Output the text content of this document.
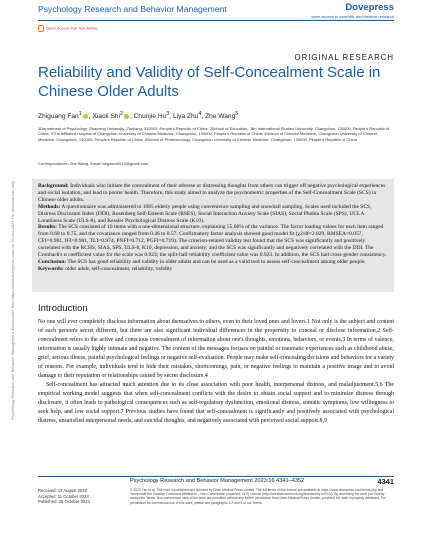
Psychology Research and Behavior Management	Dovepress
open access to scientific and medical research
Open Access Full Text Article
ORIGINAL RESEARCH
Reliability and Validity of Self-Concealment Scale in Chinese Older Adults
Zhiguang Fan$^1$ , Xiaoli Shi$^2$ , Chunjie Hu$^3$, Liya Zhu$^4$, Zhe Wang$^5$
1Department of Psychology, Shaoxing University, Zhejiang, 312000, People's Republic of China; 2School of Education, Jilin International Studies University, Changchun, 130000, People's Republic of China; 3The Affiliated Hospital of Changchun University of Chinese Medicine, Changchun, 130000, People's Republic of China; 4School of Chinese Medicine, Changchun University of Chinese Medicine, Changchun, 130000, People's Republic of China; 5School of Pharmacology, Changchun University of Chinese Medicine, Changchun, 130000, People's Republic of China
Correspondence: Zhe Wang, Email megaton0514@gmail.com

Background: Individuals who initiate the concealment of their adverse or distressing thoughts from others can trigger off negative psychological experiences and social isolation, and lead to poorer health. Therefore, this study aimed to analyze the psychometric properties of the Self-Concealment Scale (SCS) in Chinese older adults.

Methods: A questionnaire was administered to 1085 elderly people using convenience sampling and snowball sampling. Scales used included the SCS, Distress Disclosure Index (DDI), Rosenberg Self-Esteem Scale (RSES), Social Interaction Anxiety Scale (SIAS), Social Phobia Scale (SPS), UCLA Loneliness Scale (ULS-8), and Kessler Psychological Distress Scale (K10).

Results: The SCS consisted of 10 items with a one-dimensional structure, explaining 55.66% of the variance. The factor loading values for each item ranged from 0.68 to 0.75, and the covariance ranged from 0.46 to 0.57. Confirmatory factor analysis showed good model fit (χ2/df=2.829, RMSEA=0.057, CFI=0.981, IFI=0.981, TLI=0.974, PNFI=0.712, PGFI=0.719). The criterion-related validity test found that the SCS was significantly and positively correlated with the RCHS, SIAS, SPS, ULS-8, K10, depression, and anxiety; and the SCS was significantly and negatively correlated with the DDI. The Cronbach's α coefficient value for the scale was 0.923; the split-half reliability coefficient value was 0.923. In addition, the SCS had cross-gender consistency.

Conclusion: The SCS has good reliability and validity in older adults and can be used as a valid tool to assess self-concealment among older people.

Keywords: older adult, self-concealment, reliability, validity

Psychology Research and Behavior Management downloaded from https://www.dovepress.com/ on 26-Oct-2023 For personal use only. Introduction

No one will ever completely disclose information about themselves to others, even to their loved ones and lovers.1 Not only is the subject and content of each person's secret different, but there are also significant individual differences in the propensity to conceal or disclose information.2 Self-concealment refers to the active and conscious concealment of information about one's thoughts, emotions, behaviors, or events.3 In terms of valence, information is usually highly intimate and negative. The content of the messages focuses on painful or traumatic experiences such as childhood abuse, grief, serious illness, painful psychological feelings or negative self-evaluation. People may make self-concealing decisions and behaviors for a variety of reasons. For example, individuals tend to hide their mistakes, shortcomings, pain, or negative feelings to maintain a positive image and to avoid damage to their reputation or relationships caused by secret disclosure.4

Self-concealment has attracted much attention due to its close association with poor health, interpersonal distress, and maladjustment.5,6 The empirical working model suggests that when self-concealment conflicts with the desire to obtain social support and to minimize distress through disclosure, it often leads to pathological consequences such as self-regulatory dysfunction, emotional distress, somatic symptoms, low willingness to seek help, and low social support.7 Previous studies have found that self-concealment is significantly and positively associated with psychological distress, unsatisfied interpersonal needs, and suicidal thoughts, and negatively associated with perceived social support.8,9

Psychology Research and Behavior Management 2023:16 4341–4352	4341
Received: 13 August 2023
Accepted: 11 October 2023
Published: 25 October 2023
© 2023 Fan et al. This work is published and licensed by Dove Medical Press Limited. The full terms of this license are available at https://www.dovepress.com/terms.php and incorporate the Creative Commons Attribution – Non Commercial (unported, v3.0) License (http://creativecommons.org/licenses/by-nc/3.0/). By accessing the work you hereby accept the Terms. Non-commercial uses of the work are permitted without any further permission from Dove Medical Press Limited, provided the work is properly attributed. For permission for commercial use of this work, please see paragraphs 4.2 and 5 of our Terms.
